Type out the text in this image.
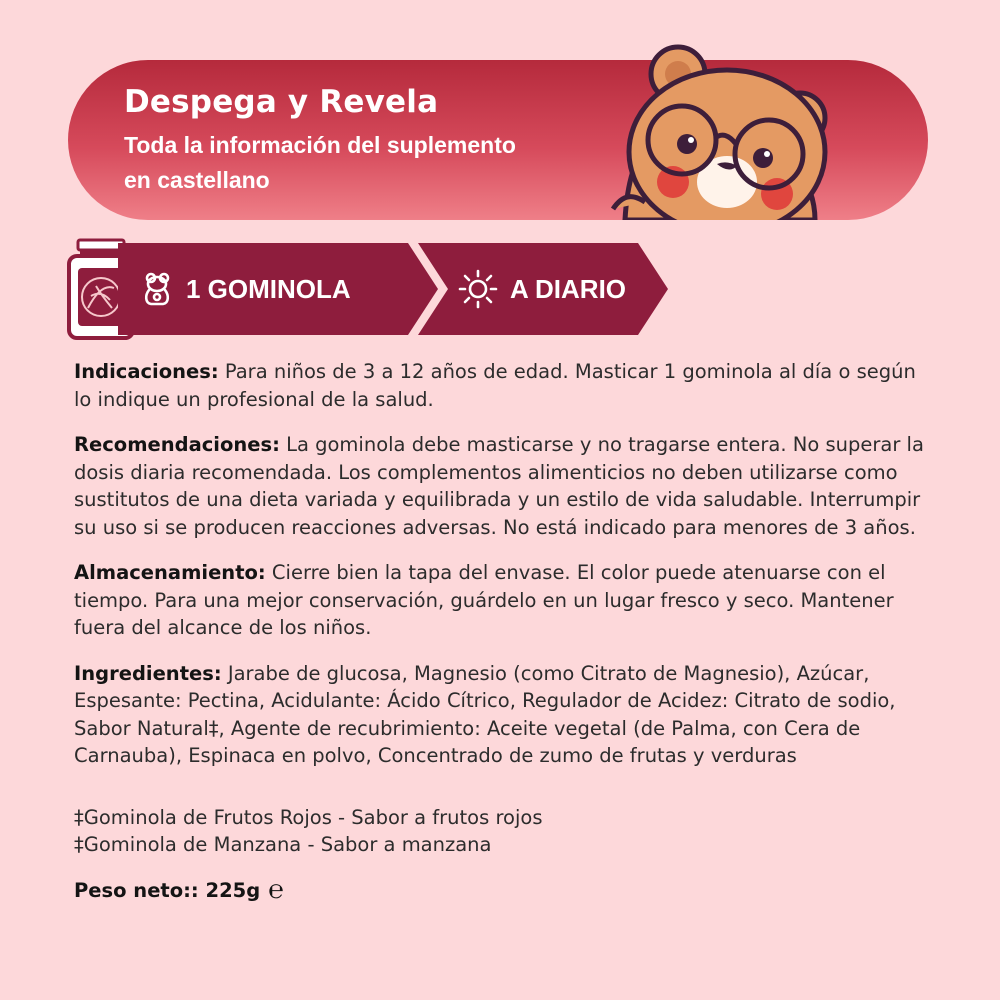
Despega y Revela
Toda la información del suplemento
en castellano
1 GOMINOLA	A DIARIO

Indicaciones: Para niños de 3 a 12 años de edad. Masticar 1 gominola al día o según lo indique un profesional de la salud.

Recomendaciones: La gominola debe masticarse y no tragarse entera. No superar la dosis diaria recomendada. Los complementos alimenticios no deben utilizarse como sustitutos de una dieta variada y equilibrada y un estilo de vida saludable. Interrumpir su uso si se producen reacciones adversas. No está indicado para menores de 3 años.

Almacenamiento: Cierre bien la tapa del envase. El color puede atenuarse con el tiempo. Para una mejor conservación, guárdelo en un lugar fresco y seco. Mantener fuera del alcance de los niños.

Ingredientes: Jarabe de glucosa, Magnesio (como Citrato de Magnesio), Azúcar, Espesante: Pectina, Acidulante: Ácido Cítrico, Regulador de Acidez: Citrato de sodio, Sabor Natural‡, Agente de recubrimiento: Aceite vegetal (de Palma, con Cera de Carnauba), Espinaca en polvo, Concentrado de zumo de frutas y verduras

‡Gominola de Frutos Rojos - Sabor a frutos rojos
‡Gominola de Manzana - Sabor a manzana
Peso neto:: 225g ℮
